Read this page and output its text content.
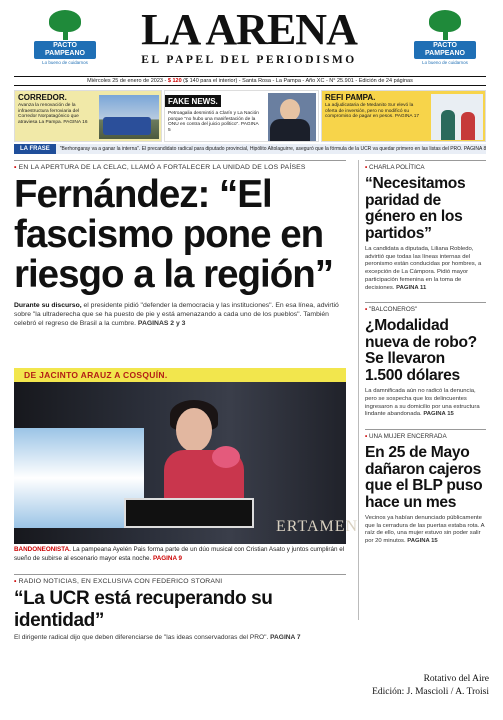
PACTO
PAMPEANO
Lo bueno de cuidarnos
LA ARENA
EL PAPEL DEL PERIODISMO
PACTO
PAMPEANO
Lo bueno de cuidarnos
Miércoles 25 de enero de 2023 - $ 120 ($ 140 para el interior) - Santa Rosa - La Pampa - Año XC - N° 25.901 - Edición de 24 páginas
CORREDOR.
Avanza la renovación de la infraestructura ferroviaria del Corredor Norpatagónico que atraviesa La Pampa. PAGINA 16
FAKE NEWS.
Petroagalia desmintió a Clarín y La Nación porque "no hubo una manifestación de la ONU en contra del juicio político". PAGINA 5
REFI PAMPA.
La adjudicataria de Medanito Sur elevó la oferta de inversión, pero no modificó su compromiso de pagar en pesos. PAGINA 17
LA FRASE "Berhongaray va a ganar la interna". El precandidato radical para diputado provincial, Hipólito Altolaguirre, aseguró que la fórmula de la UCR va quedar primero en las listas del PRO. PAGINA 8
• EN LA APERTURA DE LA CELAC, LLAMÓ A FORTALECER LA UNIDAD DE LOS PAÍSES
Fernández: “El fascismo pone en riesgo a la región”
Durante su discurso, el presidente pidió "defender la democracia y las instituciones". En esa línea, advirtió sobre "la ultraderecha que se ha puesto de pie y está amenazando a cada uno de los pueblos". También celebró el regreso de Brasil a la cumbre. PAGINAS 2 y 3
DE JACINTO ARAUZ A COSQUÍN.
ERTAMEN
BANDONEONISTA. La pampeana Ayelén Pais forma parte de un dúo musical con Cristian Asato y juntos cumplirán el sueño de subirse al escenario mayor esta noche. PAGINA 9
• RADIO NOTICIAS, EN EXCLUSIVA CON FEDERICO STORANI
“La UCR está recuperando su identidad”
El dirigente radical dijo que deben diferenciarse de "las ideas conservadoras del PRO". PAGINA 7
• CHARLA POLÍTICA
“Necesitamos paridad de género en los partidos”
La candidata a diputada, Liliana Robledo, advirtió que todas las líneas internas del peronismo están conducidas por hombres, a excepción de La Cámpora. Pidió mayor participación femenina en la toma de decisiones. PAGINA 11
• "BALCONEROS"
¿Modalidad nueva de robo? Se llevaron 1.500 dólares
La damnificada aún no radicó la denuncia, pero se sospecha que los delincuentes ingresaron a su domicilio por una estructura lindante abandonada. PAGINA 15
• UNA MUJER ENCERRADA
En 25 de Mayo dañaron cajeros que el BLP puso hace un mes
Vecinos ya habían denunciado públicamente que la cerradura de las puertas estaba rota. A raíz de ello, una mujer estuvo sin poder salir por 20 minutos. PAGINA 15
Rotativo del Aire
Edición: J. Mascioli / A. Troisi
